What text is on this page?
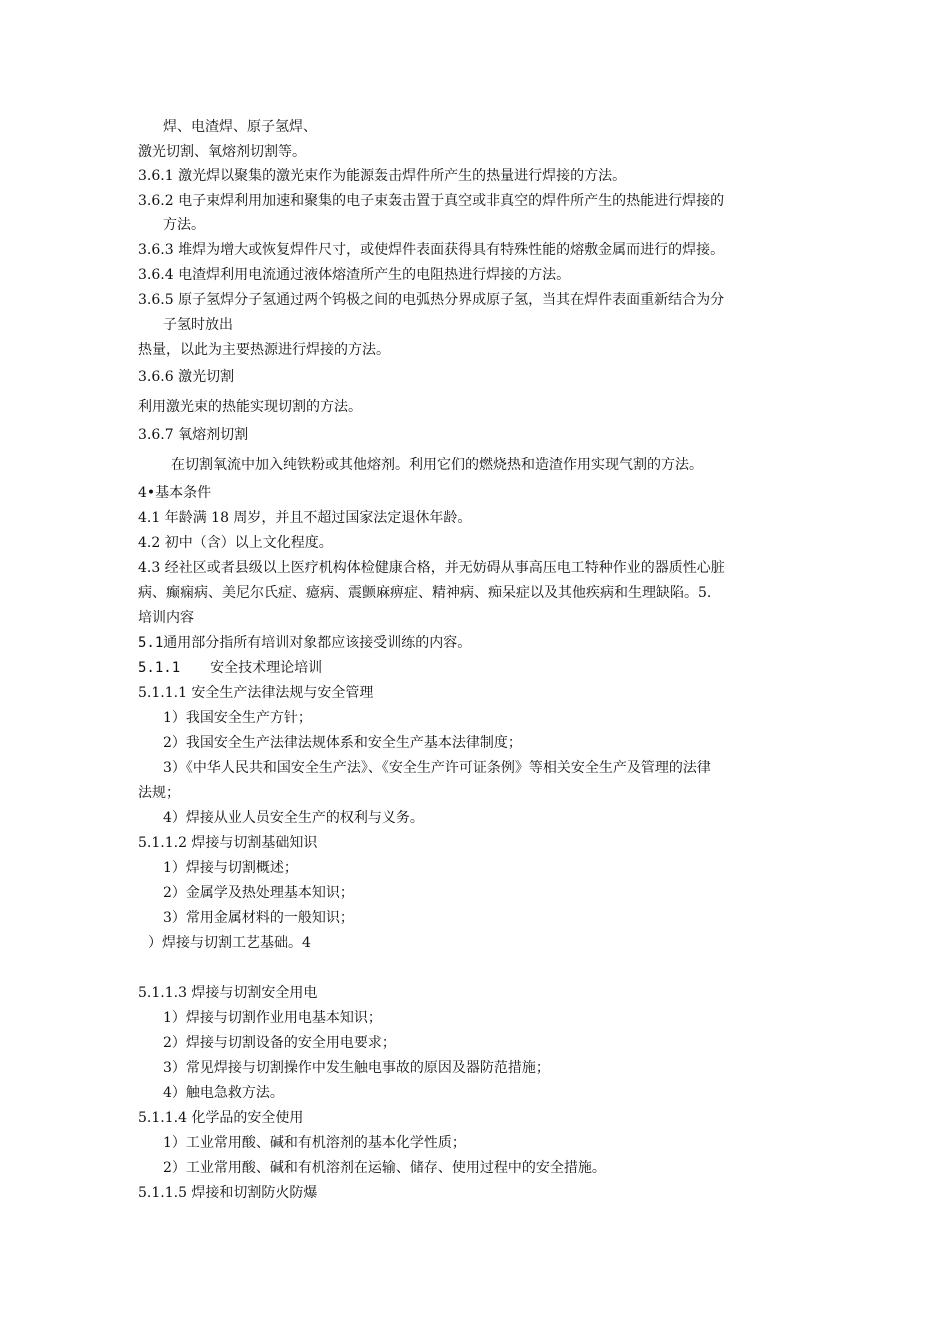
焊、电渣焊、原子氢焊、
激光切割、氧熔剂切割等。
3.6.1 激光焊以聚集的激光束作为能源轰击焊件所产生的热量进行焊接的方法。
3.6.2 电子束焊利用加速和聚集的电子束轰击置于真空或非真空的焊件所产生的热能进行焊接的
方法。
3.6.3 堆焊为增大或恢复焊件尺寸，或使焊件表面获得具有特殊性能的熔敷金属而进行的焊接。
3.6.4 电渣焊利用电流通过液体熔渣所产生的电阻热进行焊接的方法。
3.6.5 原子氢焊分子氢通过两个钨极之间的电弧热分界成原子氢，当其在焊件表面重新结合为分
子氢时放出
热量，以此为主要热源进行焊接的方法。
3.6.6 激光切割
利用激光束的热能实现切割的方法。
3.6.7 氧熔剂切割
在切割氧流中加入纯铁粉或其他熔剂。利用它们的燃烧热和造渣作用实现气割的方法。
4•基本条件
4.1 年龄满 18 周岁，并且不超过国家法定退休年龄。
4.2 初中（含）以上文化程度。
4.3 经社区或者县级以上医疗机构体检健康合格，并无妨碍从事高压电工特种作业的器质性心脏
病、癫痫病、美尼尔氏症、癔病、震颤麻痹症、精神病、痴呆症以及其他疾病和生理缺陷。5.
培训内容
5.1通用部分指所有培训对象都应该接受训练的内容。
5.1.1 安全技术理论培训
5.1.1.1 安全生产法律法规与安全管理
1）我国安全生产方针；
2）我国安全生产法律法规体系和安全生产基本法律制度；
3）《中华人民共和国安全生产法》、《安全生产许可证条例》等相关安全生产及管理的法律
法规；
4）焊接从业人员安全生产的权利与义务。
5.1.1.2 焊接与切割基础知识
1）焊接与切割概述；
2）金属学及热处理基本知识；
3）常用金属材料的一般知识；
）焊接与切割工艺基础。4
5.1.1.3 焊接与切割安全用电
1）焊接与切割作业用电基本知识；
2）焊接与切割设备的安全用电要求；
3）常见焊接与切割操作中发生触电事故的原因及器防范措施；
4）触电急救方法。
5.1.1.4 化学品的安全使用
1）工业常用酸、碱和有机溶剂的基本化学性质；
2）工业常用酸、碱和有机溶剂在运输、储存、使用过程中的安全措施。
5.1.1.5 焊接和切割防火防爆
